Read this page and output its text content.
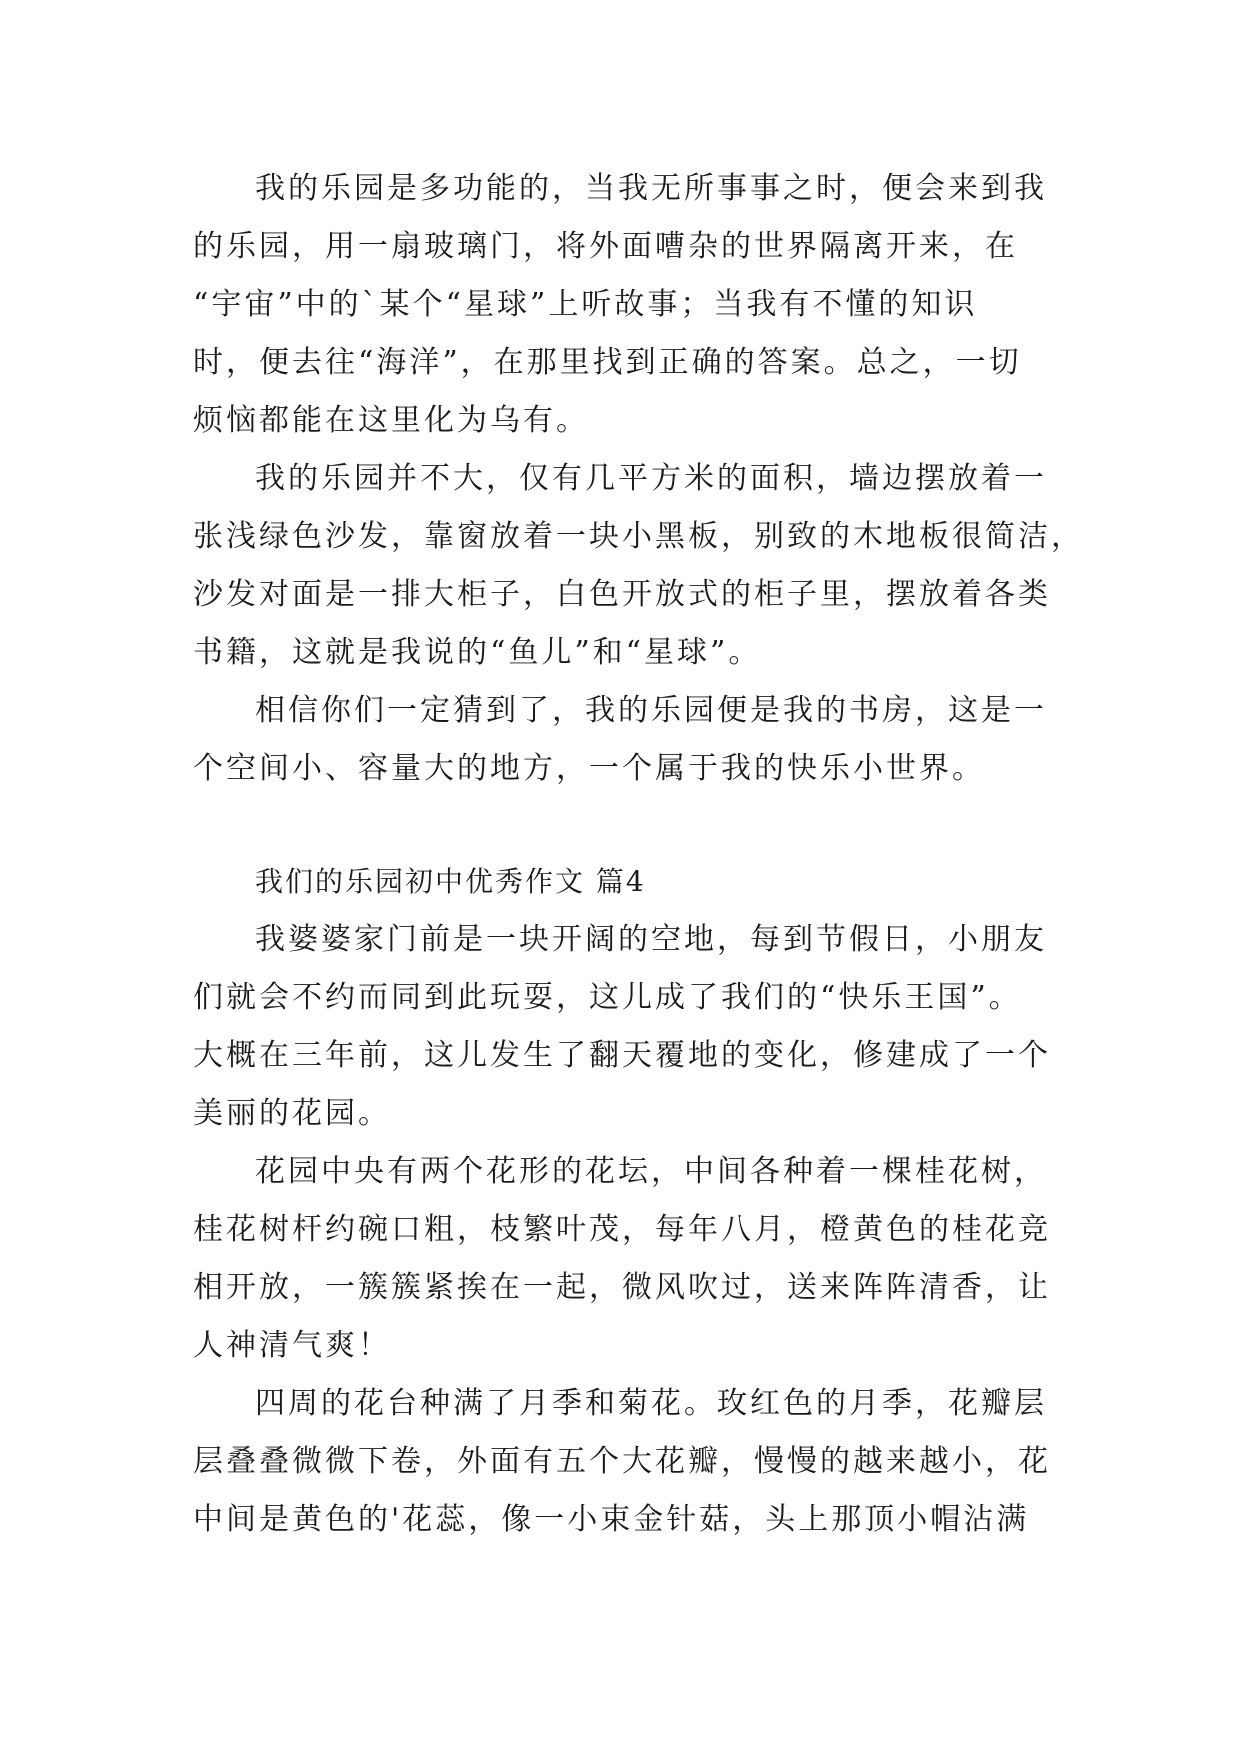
我的乐园是多功能的，当我无所事事之时，便会来到我
的乐园，用一扇玻璃门，将外面嘈杂的世界隔离开来，在
“宇宙”中的`某个“星球”上听故事；当我有不懂的知识
时，便去往“海洋”，在那里找到正确的答案。总之，一切
烦恼都能在这里化为乌有。
我的乐园并不大，仅有几平方米的面积，墙边摆放着一
张浅绿色沙发，靠窗放着一块小黑板，别致的木地板很简洁，
沙发对面是一排大柜子，白色开放式的柜子里，摆放着各类
书籍，这就是我说的“鱼儿”和“星球”。
相信你们一定猜到了，我的乐园便是我的书房，这是一
个空间小、容量大的地方，一个属于我的快乐小世界。
我们的乐园初中优秀作文 篇4
我婆婆家门前是一块开阔的空地，每到节假日，小朋友
们就会不约而同到此玩耍，这儿成了我们的“快乐王国”。
大概在三年前，这儿发生了翻天覆地的变化，修建成了一个
美丽的花园。
花园中央有两个花形的花坛，中间各种着一棵桂花树，
桂花树杆约碗口粗，枝繁叶茂，每年八月，橙黄色的桂花竞
相开放，一簇簇紧挨在一起，微风吹过，送来阵阵清香，让
人神清气爽！
四周的花台种满了月季和菊花。玫红色的月季，花瓣层
层叠叠微微下卷，外面有五个大花瓣，慢慢的越来越小，花
中间是黄色的'花蕊，像一小束金针菇，头上那顶小帽沾满
